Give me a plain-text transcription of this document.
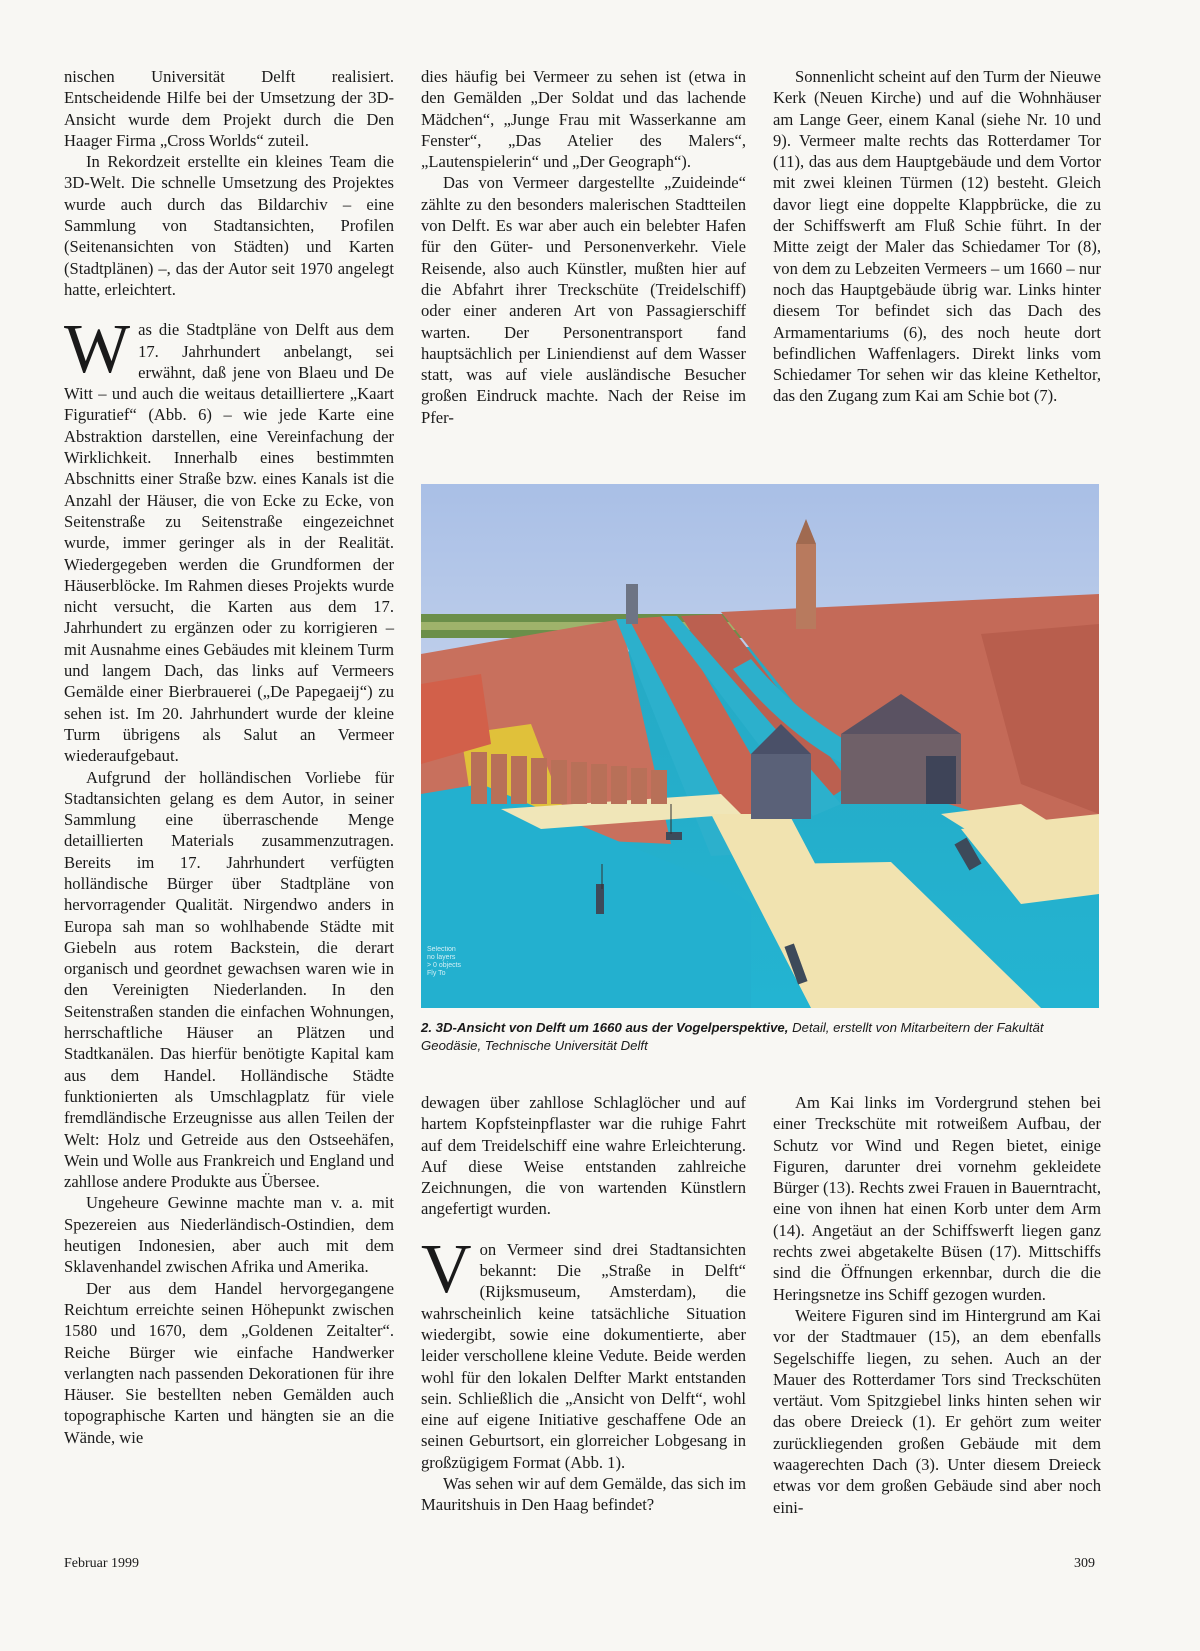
nischen Universität Delft realisiert. Entscheidende Hilfe bei der Umsetzung der 3D-Ansicht wurde dem Projekt durch die Den Haager Firma „Cross Worlds“ zuteil.

In Rekordzeit erstellte ein kleines Team die 3D-Welt. Die schnelle Umsetzung des Projektes wurde auch durch das Bildarchiv – eine Sammlung von Stadtansichten, Profilen (Seitenansichten von Städten) und Karten (Stadtplänen) –, das der Autor seit 1970 angelegt hatte, erleichtert.

Was die Stadtpläne von Delft aus dem 17. Jahrhundert anbelangt, sei erwähnt, daß jene von Blaeu und De Witt – und auch die weitaus detailliertere „Kaart Figuratief“ (Abb. 6) – wie jede Karte eine Abstraktion darstellen, eine Vereinfachung der Wirklichkeit. Innerhalb eines bestimmten Abschnitts einer Straße bzw. eines Kanals ist die Anzahl der Häuser, die von Ecke zu Ecke, von Seitenstraße zu Seitenstraße eingezeichnet wurde, immer geringer als in der Realität. Wiedergegeben werden die Grundformen der Häuserblöcke. Im Rahmen dieses Projekts wurde nicht versucht, die Karten aus dem 17. Jahrhundert zu ergänzen oder zu korrigieren – mit Ausnahme eines Gebäudes mit kleinem Turm und langem Dach, das links auf Vermeers Gemälde einer Bierbrauerei („De Papegaeij“) zu sehen ist. Im 20. Jahrhundert wurde der kleine Turm übrigens als Salut an Vermeer wiederaufgebaut.

Aufgrund der holländischen Vorliebe für Stadtansichten gelang es dem Autor, in seiner Sammlung eine überraschende Menge detaillierten Materials zusammenzutragen. Bereits im 17. Jahrhundert verfügten holländische Bürger über Stadtpläne von hervorragender Qualität. Nirgendwo anders in Europa sah man so wohlhabende Städte mit Giebeln aus rotem Backstein, die derart organisch und geordnet gewachsen waren wie in den Vereinigten Niederlanden. In den Seitenstraßen standen die einfachen Wohnungen, herrschaftliche Häuser an Plätzen und Stadtkanälen. Das hierfür benötigte Kapital kam aus dem Handel. Holländische Städte funktionierten als Umschlagplatz für viele fremdländische Erzeugnisse aus allen Teilen der Welt: Holz und Getreide aus den Ostseehäfen, Wein und Wolle aus Frankreich und England und zahllose andere Produkte aus Übersee.

Ungeheure Gewinne machte man v. a. mit Spezereien aus Niederländisch-Ostindien, dem heutigen Indonesien, aber auch mit dem Sklavenhandel zwischen Afrika und Amerika.

Der aus dem Handel hervorgegangene Reichtum erreichte seinen Höhepunkt zwischen 1580 und 1670, dem „Goldenen Zeitalter“. Reiche Bürger wie einfache Handwerker verlangten nach passenden Dekorationen für ihre Häuser. Sie bestellten neben Gemälden auch topographische Karten und hängten sie an die Wände, wie

dies häufig bei Vermeer zu sehen ist (etwa in den Gemälden „Der Soldat und das lachende Mädchen“, „Junge Frau mit Wasserkanne am Fenster“, „Das Atelier des Malers“, „Lautenspielerin“ und „Der Geograph“).

Das von Vermeer dargestellte „Zuideinde“ zählte zu den besonders malerischen Stadtteilen von Delft. Es war aber auch ein belebter Hafen für den Güter- und Personenverkehr. Viele Reisende, also auch Künstler, mußten hier auf die Abfahrt ihrer Treckschüte (Treidelschiff) oder einer anderen Art von Passagierschiff warten. Der Personentransport fand hauptsächlich per Liniendienst auf dem Wasser statt, was auf viele ausländische Besucher großen Eindruck machte. Nach der Reise im Pfer-

Sonnenlicht scheint auf den Turm der Nieuwe Kerk (Neuen Kirche) und auf die Wohnhäuser am Lange Geer, einem Kanal (siehe Nr. 10 und 9). Vermeer malte rechts das Rotterdamer Tor (11), das aus dem Hauptgebäude und dem Vortor mit zwei kleinen Türmen (12) besteht. Gleich davor liegt eine doppelte Klappbrücke, die zu der Schiffswerft am Fluß Schie führt. In der Mitte zeigt der Maler das Schiedamer Tor (8), von dem zu Lebzeiten Vermeers – um 1660 – nur noch das Hauptgebäude übrig war. Links hinter diesem Tor befindet sich das Dach des Armamentariums (6), des noch heute dort befindlichen Waffenlagers. Direkt links vom Schiedamer Tor sehen wir das kleine Ketheltor, das den Zugang zum Kai am Schie bot (7).

Selection
no layers
> 0 objects
Fly To
2. 3D-Ansicht von Delft um 1660 aus der Vogelperspektive, Detail, erstellt von Mitarbeitern der Fakultät Geodäsie, Technische Universität Delft

dewagen über zahllose Schlaglöcher und auf hartem Kopfsteinpflaster war die ruhige Fahrt auf dem Treidelschiff eine wahre Erleichterung. Auf diese Weise entstanden zahlreiche Zeichnungen, die von wartenden Künstlern angefertigt wurden.

Von Vermeer sind drei Stadtansichten bekannt: Die „Straße in Delft“ (Rijksmuseum, Amsterdam), die wahrscheinlich keine tatsächliche Situation wiedergibt, sowie eine dokumentierte, aber leider verschollene kleine Vedute. Beide werden wohl für den lokalen Delfter Markt entstanden sein. Schließlich die „Ansicht von Delft“, wohl eine auf eigene Initiative geschaffene Ode an seinen Geburtsort, ein glorreicher Lobgesang in großzügigem Format (Abb. 1).

Was sehen wir auf dem Gemälde, das sich im Mauritshuis in Den Haag befindet?

Am Kai links im Vordergrund stehen bei einer Treckschüte mit rotweißem Aufbau, der Schutz vor Wind und Regen bietet, einige Figuren, darunter drei vornehm gekleidete Bürger (13). Rechts zwei Frauen in Bauerntracht, eine von ihnen hat einen Korb unter dem Arm (14). Angetäut an der Schiffswerft liegen ganz rechts zwei abgetakelte Büsen (17). Mittschiffs sind die Öffnungen erkennbar, durch die die Heringsnetze ins Schiff gezogen wurden.

Weitere Figuren sind im Hintergrund am Kai vor der Stadtmauer (15), an dem ebenfalls Segelschiffe liegen, zu sehen. Auch an der Mauer des Rotterdamer Tors sind Treckschüten vertäut. Vom Spitzgiebel links hinten sehen wir das obere Dreieck (1). Er gehört zum weiter zurückliegenden großen Gebäude mit dem waagerechten Dach (3). Unter diesem Dreieck etwas vor dem großen Gebäude sind aber noch eini-

Februar 1999	309
